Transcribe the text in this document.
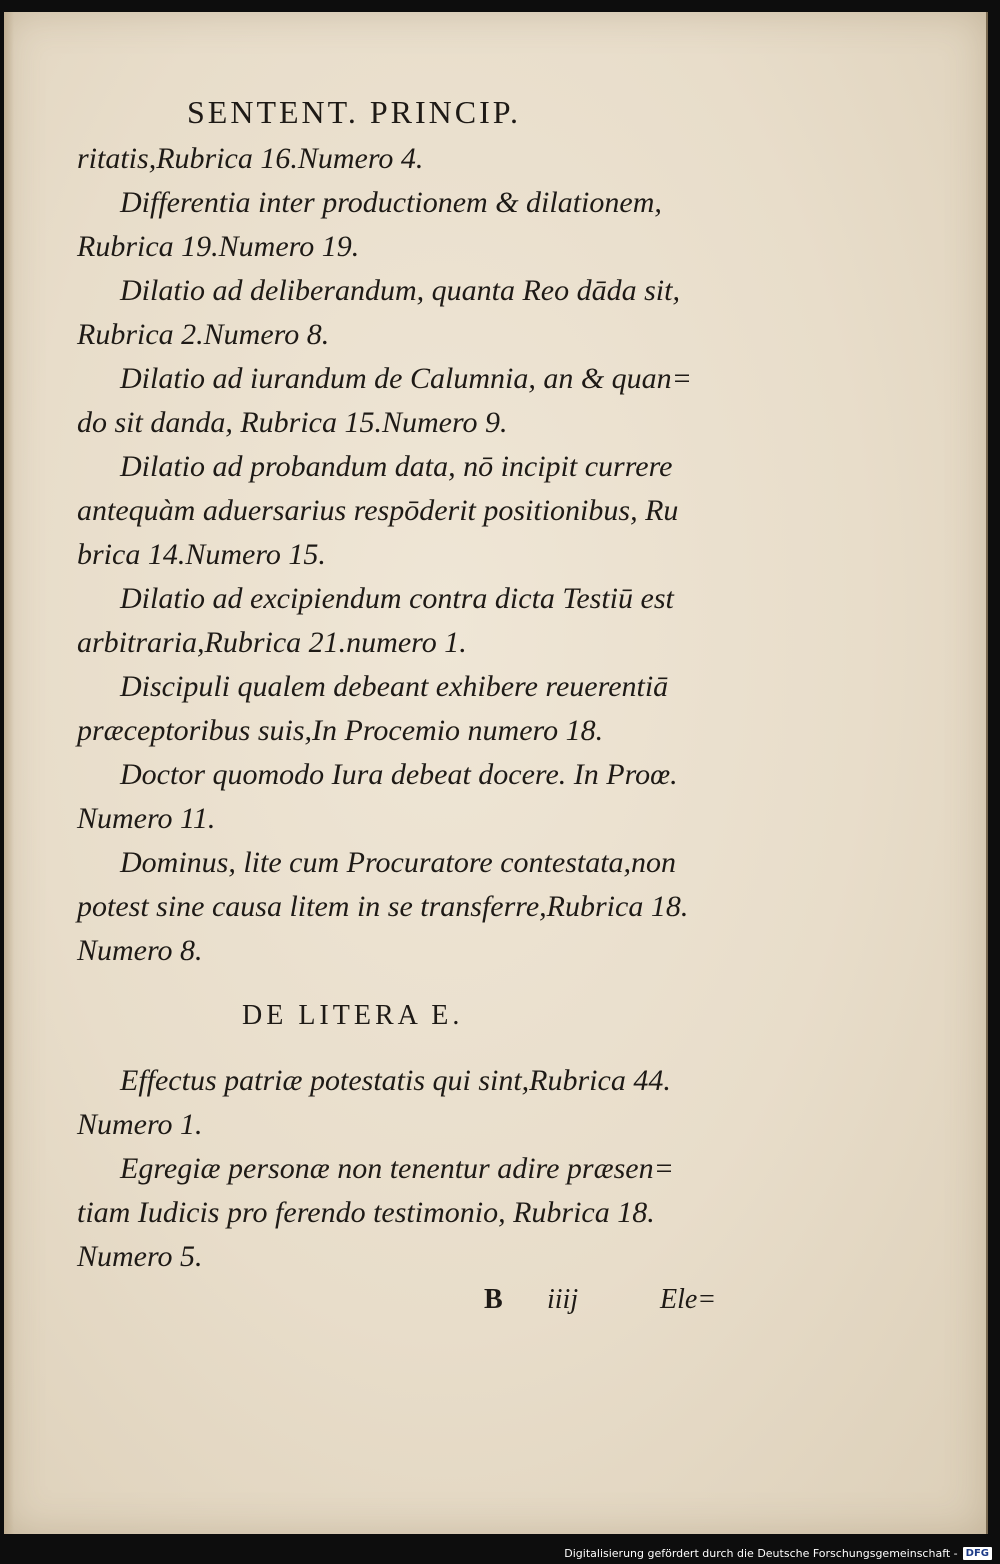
SENTENT. PRINCIP.
ritatis,Rubrica 16.Numero 4.
Differentia inter productionem & dilationem,
Rubrica 19.Numero 19.
Dilatio ad deliberandum, quanta Reo dāda sit,
Rubrica 2.Numero 8.
Dilatio ad iurandum de Calumnia, an & quan=
do sit danda, Rubrica 15.Numero 9.
Dilatio ad probandum data, nō incipit currere
antequàm aduersarius respōderit positionibus, Ru
brica 14.Numero 15.
Dilatio ad excipiendum contra dicta Testiū est
arbitraria,Rubrica 21.numero 1.
Discipuli qualem debeant exhibere reuerentiā
præceptoribus suis,In Procemio numero 18.
Doctor quomodo Iura debeat docere. In Proœ.
Numero 11.
Dominus, lite cum Procuratore contestata,non
potest sine causa litem in se transferre,Rubrica 18.
Numero 8.
DE LITERA E.
Effectus patriæ potestatis qui sint,Rubrica 44.
Numero 1.
Egregiæ personæ non tenentur adire præsen=
tiam Iudicis pro ferendo testimonio, Rubrica 18.
Numero 5.
B iiij	Ele=
Digitalisierung gefördert durch die Deutsche Forschungsgemeinschaft - DFG
